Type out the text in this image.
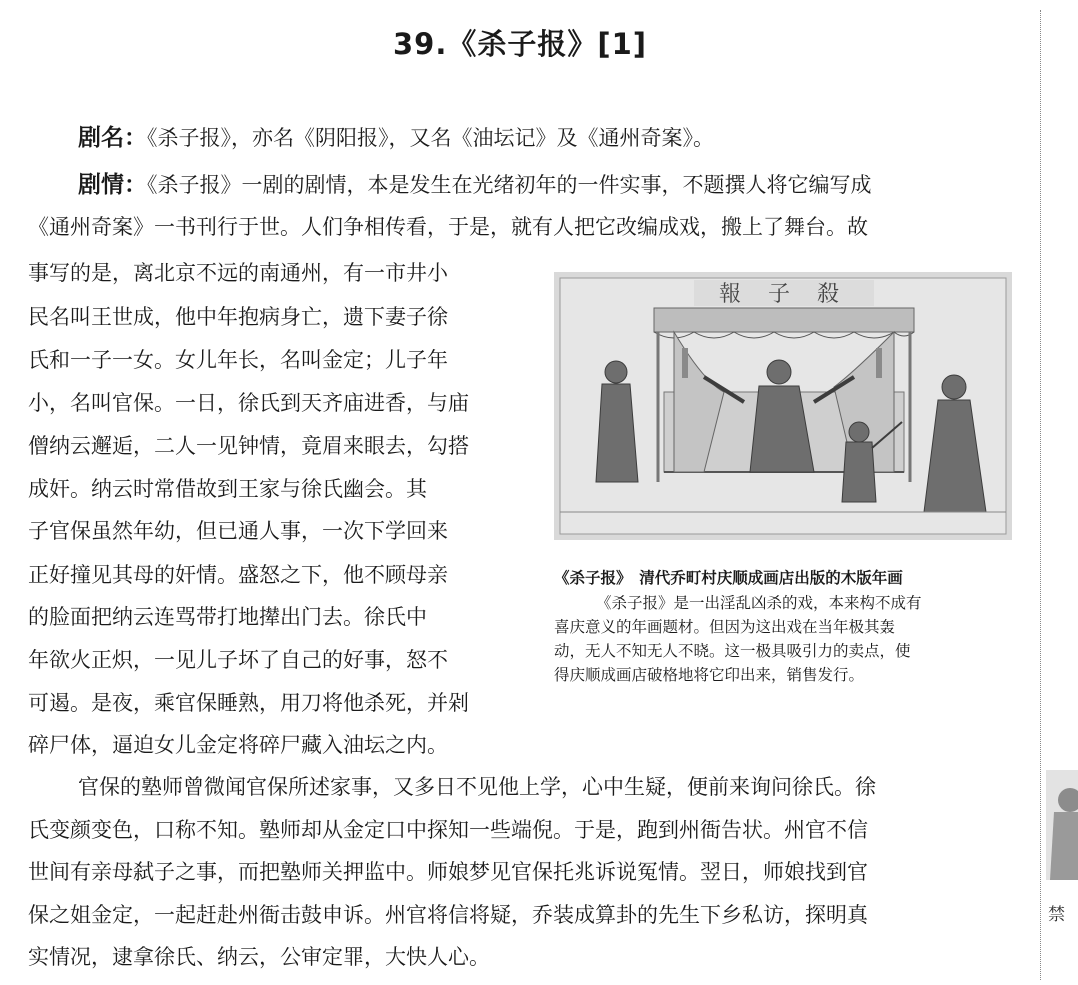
39.《杀子报》[1]
剧名：《杀子报》，亦名《阴阳报》，又名《油坛记》及《通州奇案》。
剧情：《杀子报》一剧的剧情，本是发生在光绪初年的一件实事，不题撰人将它编写成
《通州奇案》一书刊行于世。人们争相传看，于是，就有人把它改编成戏，搬上了舞台。故
事写的是，离北京不远的南通州，有一市井小
民名叫王世成，他中年抱病身亡，遗下妻子徐
氏和一子一女。女儿年长，名叫金定；儿子年
小，名叫官保。一日，徐氏到天齐庙进香，与庙
僧纳云邂逅，二人一见钟情，竟眉来眼去，勾搭
成奸。纳云时常借故到王家与徐氏幽会。其
子官保虽然年幼，但已通人事，一次下学回来
正好撞见其母的奸情。盛怒之下，他不顾母亲
的脸面把纳云连骂带打地撵出门去。徐氏中
年欲火正炽，一见儿子坏了自己的好事，怒不
可遏。是夜，乘官保睡熟，用刀将他杀死，并剁
碎尸体，逼迫女儿金定将碎尸藏入油坛之内。
報 子 殺
《杀子报》　清代乔町村庆顺成画店出版的木版年画
《杀子报》是一出淫乱凶杀的戏，本来构不成有
喜庆意义的年画题材。但因为这出戏在当年极其轰
动，无人不知无人不晓。这一极具吸引力的卖点，使
得庆顺成画店破格地将它印出来，销售发行。
官保的塾师曾微闻官保所述家事，又多日不见他上学，心中生疑，便前来询问徐氏。徐
氏变颜变色，口称不知。塾师却从金定口中探知一些端倪。于是，跑到州衙告状。州官不信
世间有亲母弑子之事，而把塾师关押监中。师娘梦见官保托兆诉说冤情。翌日，师娘找到官
保之姐金定，一起赶赴州衙击鼓申诉。州官将信将疑，乔装成算卦的先生下乡私访，探明真
实情况，逮拿徐氏、纳云，公审定罪，大快人心。
禁
